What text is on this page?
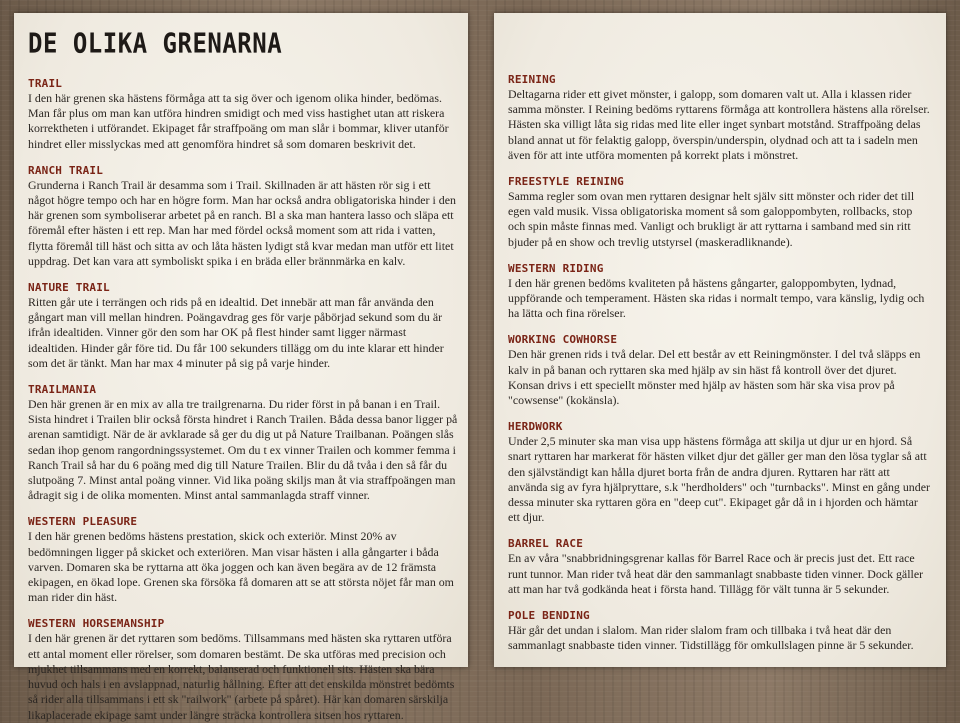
DE OLIKA GRENARNA
TRAIL

I den här grenen ska hästens förmåga att ta sig över och igenom olika hinder, bedömas. Man får plus om man kan utföra hindren smidigt och med viss hastighet utan att riskera korrektheten i utförandet. Ekipaget får straffpoäng om man slår i bommar, kliver utanför hindret eller misslyckas med att genomföra hindret så som domaren beskrivit det.

RANCH TRAIL

Grunderna i Ranch Trail är desamma som i Trail. Skillnaden är att hästen rör sig i ett något högre tempo och har en högre form. Man har också andra obligatoriska hinder i den här grenen som symboliserar arbetet på en ranch. Bl a ska man hantera lasso och släpa ett föremål efter hästen i ett rep. Man har med fördel också moment som att rida i vatten, flytta föremål till häst och sitta av och låta hästen lydigt stå kvar medan man utför ett litet uppdrag. Det kan vara att symboliskt spika i en bräda eller brännmärka en kalv.

NATURE TRAIL

Ritten går ute i terrängen och rids på en idealtid. Det innebär att man får använda den gångart man vill mellan hindren. Poängavdrag ges för varje påbörjad sekund som du är ifrån idealtiden. Vinner gör den som har OK på flest hinder samt ligger närmast idealtiden. Hinder går före tid. Du får 100 sekunders tillägg om du inte klarar ett hinder som det är tänkt. Man har max 4 minuter på sig på varje hinder.

TRAILMANIA

Den här grenen är en mix av alla tre trailgrenarna. Du rider först in på banan i en Trail. Sista hindret i Trailen blir också första hindret i Ranch Trailen. Båda dessa banor ligger på arenan samtidigt. När de är avklarade så ger du dig ut på Nature Trailbanan. Poängen slås sedan ihop genom rangordningssystemet. Om du t ex vinner Trailen och kommer femma i Ranch Trail så har du 6 poäng med dig till Nature Trailen. Blir du då tvåa i den så får du slutpoäng 7. Minst antal poäng vinner. Vid lika poäng skiljs man åt via straffpoängen man ådragit sig i de olika momenten. Minst antal sammanlagda straff vinner.

WESTERN PLEASURE

I den här grenen bedöms hästens prestation, skick och exteriör. Minst 20% av bedömningen ligger på skicket och exteriören. Man visar hästen i alla gångarter i båda varven. Domaren ska be ryttarna att öka joggen och kan även begära av de 12 främsta ekipagen, en ökad lope. Grenen ska försöka få domaren att se att största nöjet får man om man rider din häst.

WESTERN HORSEMANSHIP

I den här grenen är det ryttaren som bedöms. Tillsammans med hästen ska ryttaren utföra ett antal moment eller rörelser, som domaren bestämt. De ska utföras med precision och mjukhet tillsammans med en korrekt, balanserad och funktionell sits. Hästen ska bära huvud och hals i en avslappnad, naturlig hållning. Efter att det enskilda mönstret bedömts så rider alla tillsammans i ett sk "railwork" (arbete på spåret). Här kan domaren särskilja likaplacerade ekipage samt under längre sträcka kontrollera sitsen hos ryttaren.

REINING

Deltagarna rider ett givet mönster, i galopp, som domaren valt ut. Alla i klassen rider samma mönster. I Reining bedöms ryttarens förmåga att kontrollera hästens alla rörelser. Hästen ska villigt låta sig ridas med lite eller inget synbart motstånd. Straffpoäng delas bland annat ut för felaktig galopp, överspin/underspin, olydnad och att ta i sadeln men även för att inte utföra momenten på korrekt plats i mönstret.

FREESTYLE REINING

Samma regler som ovan men ryttaren designar helt själv sitt mönster och rider det till egen vald musik. Vissa obligatoriska moment så som galoppombyten, rollbacks, stop och spin måste finnas med. Vanligt och brukligt är att ryttarna i samband med sin ritt bjuder på en show och trevlig utstyrsel (maskeradliknande).

WESTERN RIDING

I den här grenen bedöms kvaliteten på hästens gångarter, galoppombyten, lydnad, uppförande och temperament. Hästen ska ridas i normalt tempo, vara känslig, lydig och ha lätta och fina rörelser.

WORKING COWHORSE

Den här grenen rids i två delar. Del ett består av ett Reiningmönster. I del två släpps en kalv in på banan och ryttaren ska med hjälp av sin häst få kontroll över det djuret. Konsan drivs i ett speciellt mönster med hjälp av hästen som här ska visa prov på "cowsense" (kokänsla).

HERDWORK

Under 2,5 minuter ska man visa upp hästens förmåga att skilja ut djur ur en hjord. Så snart ryttaren har markerat för hästen vilket djur det gäller ger man den lösa tyglar så att den självständigt kan hålla djuret borta från de andra djuren. Ryttaren har rätt att använda sig av fyra hjälpryttare, s.k "herdholders" och "turnbacks". Minst en gång under dessa minuter ska ryttaren göra en "deep cut". Ekipaget går då in i hjorden och hämtar ett djur.

BARREL RACE

En av våra "snabbridningsgrenar kallas för Barrel Race och är precis just det. Ett race runt tunnor. Man rider två heat där den sammanlagt snabbaste tiden vinner. Dock gäller att man har två godkända heat i första hand. Tillägg för vält tunna är 5 sekunder.

POLE BENDING

Här går det undan i slalom. Man rider slalom fram och tillbaka i två heat där den sammanlagt snabbaste tiden vinner. Tidstillägg för omkullslagen pinne är 5 sekunder.
